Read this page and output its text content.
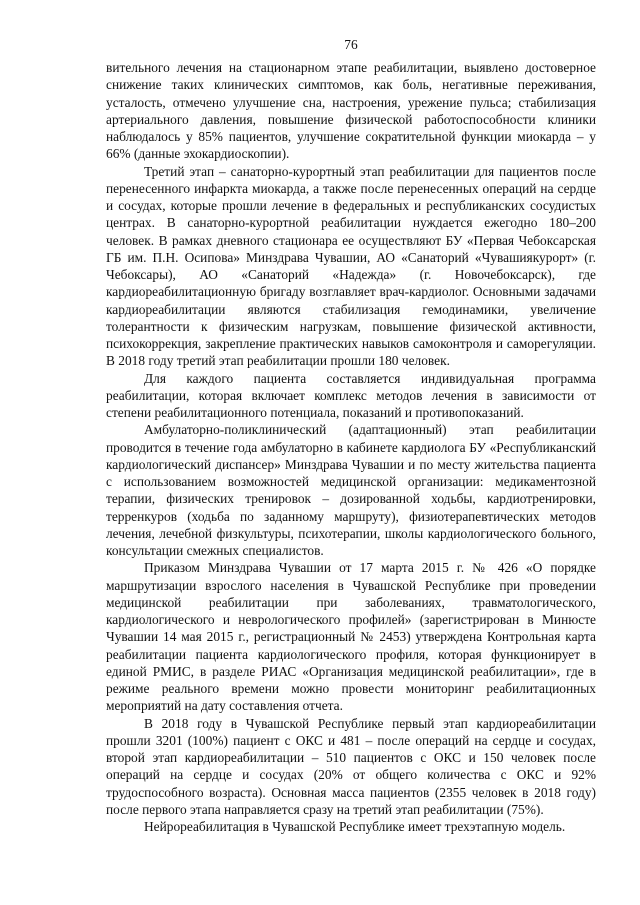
76

вительного лечения на стационарном этапе реабилитации, выявлено достоверное снижение таких клинических симптомов, как боль, негативные переживания, усталость, отмечено улучшение сна, настроения, урежение пульса; стабилизация артериального давления, повышение физической работоспособности клиники наблюдалось у 85% пациентов, улучшение сократительной функции миокарда – у 66% (данные эхокардиоскопии).

Третий этап – санаторно-курортный этап реабилитации для пациентов после перенесенного инфаркта миокарда, а также после перенесенных операций на сердце и сосудах, которые прошли лечение в федеральных и республиканских сосудистых центрах. В санаторно-курортной реабилитации нуждается ежегодно 180–200 человек. В рамках дневного стационара ее осуществляют БУ «Первая Чебоксарская ГБ им. П.Н. Осипова» Минздрава Чувашии, АО «Санаторий «Чувашиякурорт» (г. Чебоксары), АО «Санаторий «Надежда» (г. Новочебоксарск), где кардиореабилитационную бригаду возглавляет врач-кардиолог. Основными задачами кардиореабилитации являются стабилизация гемодинамики, увеличение толерантности к физическим нагрузкам, повышение физической активности, психокоррекция, закрепление практических навыков самоконтроля и саморегуляции. В 2018 году третий этап реабилитации прошли 180 человек.

Для каждого пациента составляется индивидуальная программа реабилитации, которая включает комплекс методов лечения в зависимости от степени реабилитационного потенциала, показаний и противопоказаний.

Амбулаторно-поликлинический (адаптационный) этап реабилитации проводится в течение года амбулаторно в кабинете кардиолога БУ «Республиканский кардиологический диспансер» Минздрава Чувашии и по месту жительства пациента с использованием возможностей медицинской организации: медикаментозной терапии, физических тренировок – дозированной ходьбы, кардиотренировки, терренкуров (ходьба по заданному маршруту), физиотерапевтических методов лечения, лечебной физкультуры, психотерапии, школы кардиологического больного, консультации смежных специалистов.

Приказом Минздрава Чувашии от 17 марта 2015 г. № 426 «О порядке маршрутизации взрослого населения в Чувашской Республике при проведении медицинской реабилитации при заболеваниях, травматологического, кардиологического и неврологического профилей» (зарегистрирован в Минюсте Чувашии 14 мая 2015 г., регистрационный № 2453) утверждена Контрольная карта реабилитации пациента кардиологического профиля, которая функционирует в единой РМИС, в разделе РИАС «Организация медицинской реабилитации», где в режиме реального времени можно провести мониторинг реабилитационных мероприятий на дату составления отчета.

В 2018 году в Чувашской Республике первый этап кардиореабилитации прошли 3201 (100%) пациент с ОКС и 481 – после операций на сердце и сосудах, второй этап кардиореабилитации – 510 пациентов с ОКС и 150 человек после операций на сердце и сосудах (20% от общего количества с ОКС и 92% трудоспособного возраста). Основная масса пациентов (2355 человек в 2018 году) после первого этапа направляется сразу на третий этап реабилитации (75%).

Нейрореабилитация в Чувашской Республике имеет трехэтапную модель.
